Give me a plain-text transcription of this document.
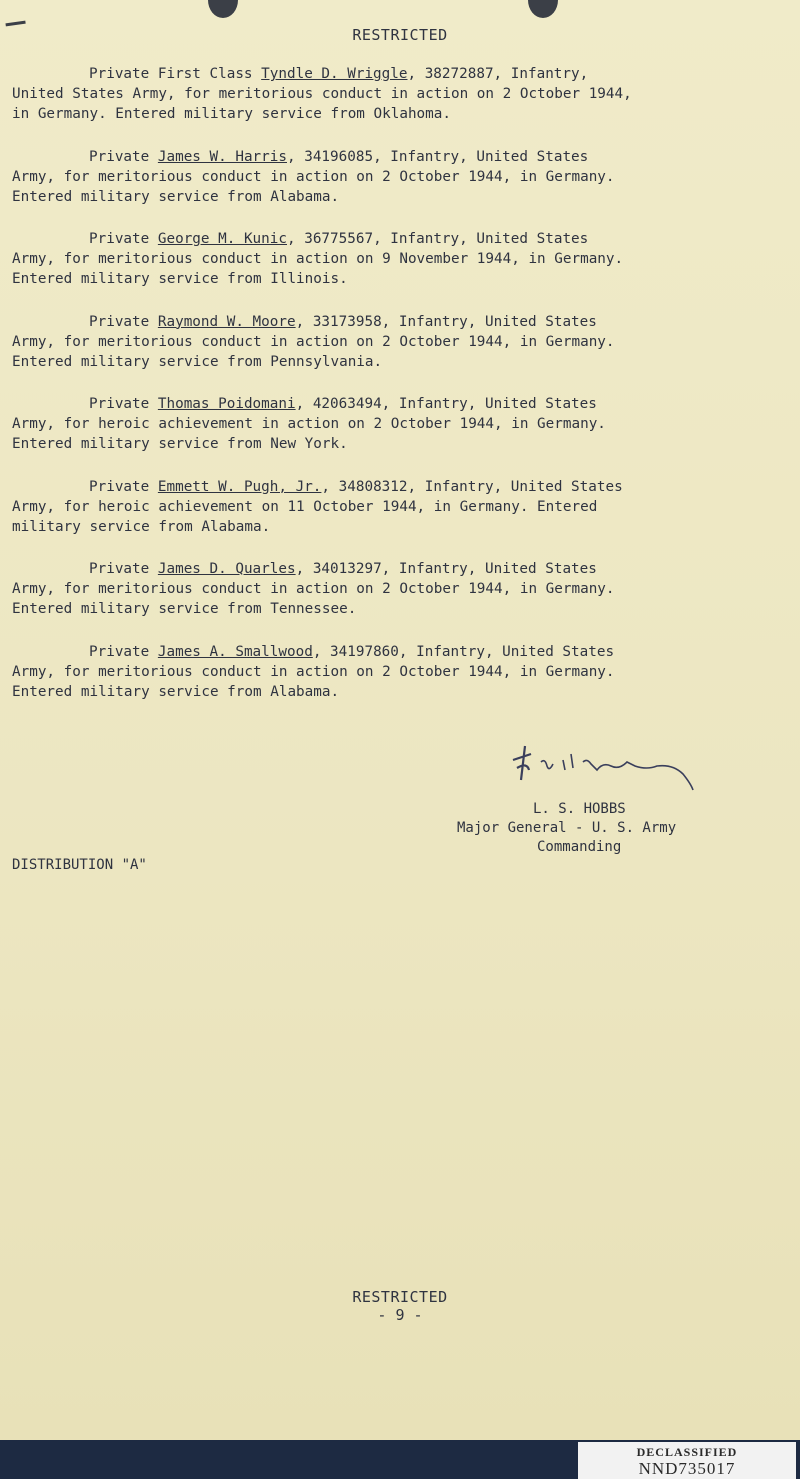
RESTRICTED
Private First Class Tyndle D. Wriggle, 38272887, Infantry,
United States Army, for meritorious conduct in action on 2 October 1944,
in Germany. Entered military service from Oklahoma.
Private James W. Harris, 34196085, Infantry, United States
Army, for meritorious conduct in action on 2 October 1944, in Germany.
Entered military service from Alabama.
Private George M. Kunic, 36775567, Infantry, United States
Army, for meritorious conduct in action on 9 November 1944, in Germany.
Entered military service from Illinois.
Private Raymond W. Moore, 33173958, Infantry, United States
Army, for meritorious conduct in action on 2 October 1944, in Germany.
Entered military service from Pennsylvania.
Private Thomas Poidomani, 42063494, Infantry, United States
Army, for heroic achievement in action on 2 October 1944, in Germany.
Entered military service from New York.
Private Emmett W. Pugh, Jr., 34808312, Infantry, United States
Army, for heroic achievement on 11 October 1944, in Germany. Entered
military service from Alabama.
Private James D. Quarles, 34013297, Infantry, United States
Army, for meritorious conduct in action on 2 October 1944, in Germany.
Entered military service from Tennessee.
Private James A. Smallwood, 34197860, Infantry, United States
Army, for meritorious conduct in action on 2 October 1944, in Germany.
Entered military service from Alabama.
L. S. HOBBS
Major General - U. S. Army
Commanding
DISTRIBUTION "A"
RESTRICTED
- 9 -
DECLASSIFIED
NND735017
